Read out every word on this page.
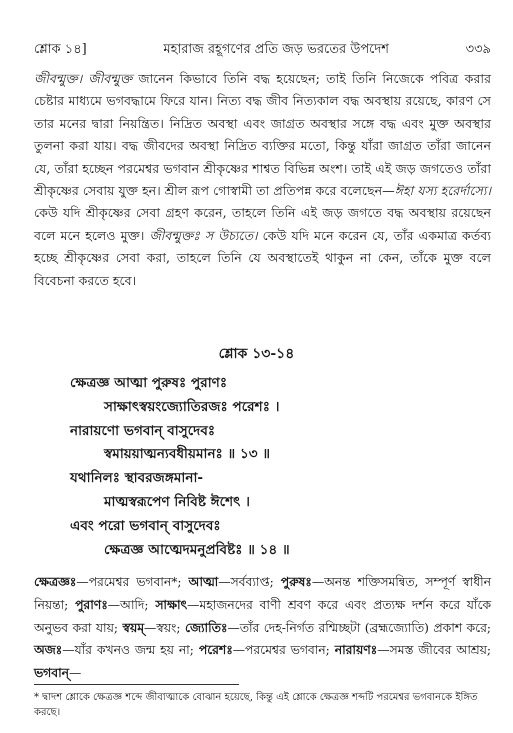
শ্লোক ১৪]	মহারাজ রহূগণের প্রতি জড় ভরতের উপদেশ	৩৩৯

জীবন্মুক্ত। জীবন্মুক্ত জানেন কিভাবে তিনি বদ্ধ হয়েছেন; তাই তিনি নিজেকে পবিত্র করার চেষ্টার মাধ্যমে ভগবদ্ধামে ফিরে যান। নিত্য বদ্ধ জীব নিত্যকাল বদ্ধ অবস্থায় রয়েছে, কারণ সে তার মনের দ্বারা নিয়ন্ত্রিত। নিদ্রিত অবস্থা এবং জাগ্রত অবস্থার সঙ্গে বদ্ধ এবং মুক্ত অবস্থার তুলনা করা যায়। বদ্ধ জীবদের অবস্থা নিদ্রিত ব্যক্তির মতো, কিন্তু যাঁরা জাগ্রত তাঁরা জানেন যে, তাঁরা হচ্ছেন পরমেশ্বর ভগবান শ্রীকৃষ্ণের শাশ্বত বিভিন্ন অংশ। তাই এই জড় জগতেও তাঁরা শ্রীকৃষ্ণের সেবায় যুক্ত হন। শ্রীল রূপ গোস্বামী তা প্রতিপন্ন করে বলেছেন—ঈহা যস্য হরের্দাস্যে। কেউ যদি শ্রীকৃষ্ণের সেবা গ্রহণ করেন, তাহলে তিনি এই জড় জগতে বদ্ধ অবস্থায় রয়েছেন বলে মনে হলেও মুক্ত। জীবন্মুক্তঃ স উচ্যতে। কেউ যদি মনে করেন যে, তাঁর একমাত্র কর্তব্য হচ্ছে শ্রীকৃষ্ণের সেবা করা, তাহলে তিনি যে অবস্থাতেই থাকুন না কেন, তাঁকে মুক্ত বলে বিবেচনা করতে হবে।

শ্লোক ১৩-১৪
ক্ষেত্রজ্ঞ আত্মা পুরুষঃ পুরাণঃ
সাক্ষাৎস্বয়ংজ্যোতিরজঃ পরেশঃ ।
নারায়ণো ভগবান্ বাসুদেবঃ
স্বমায়য়াত্মন্যবধীয়মানঃ ॥ ১৩ ॥
যথানিলঃ স্থাবরজঙ্গমানা-
মাত্মস্বরূপেণ নিবিষ্ট ঈশেৎ ।
এবং পরো ভগবান্ বাসুদেবঃ
ক্ষেত্রজ্ঞ আত্মেদমনুপ্রবিষ্টঃ ॥ ১৪ ॥
ক্ষেত্রজ্ঞঃ—পরমেশ্বর ভগবান*; আত্মা—সর্বব্যাপ্ত; পুরুষঃ—অনন্ত শক্তিসমন্বিত, সম্পূর্ণ স্বাধীন নিয়ন্তা; পুরাণঃ—আদি; সাক্ষাৎ—মহাজনদের বাণী শ্রবণ করে এবং প্রত্যক্ষ দর্শন করে যাঁকে অনুভব করা যায়; স্বয়ম্—স্বয়ং; জ্যোতিঃ—তাঁর দেহ-নির্গত রশ্মিচ্ছটা (ব্রহ্মজ্যোতি) প্রকাশ করে; অজঃ—যাঁর কখনও জন্ম হয় না; পরেশঃ—পরমেশ্বর ভগবান; নারায়ণঃ—সমস্ত জীবের আশ্রয়; ভগবান্—
* দ্বাদশ শ্লোকে ক্ষেত্রজ্ঞ শব্দে জীবাত্মাকে বোঝান হয়েছে, কিন্তু এই শ্লোকে ক্ষেত্রজ্ঞ শব্দটি পরমেশ্বর ভগবানকে ইঙ্গিত করছে।
